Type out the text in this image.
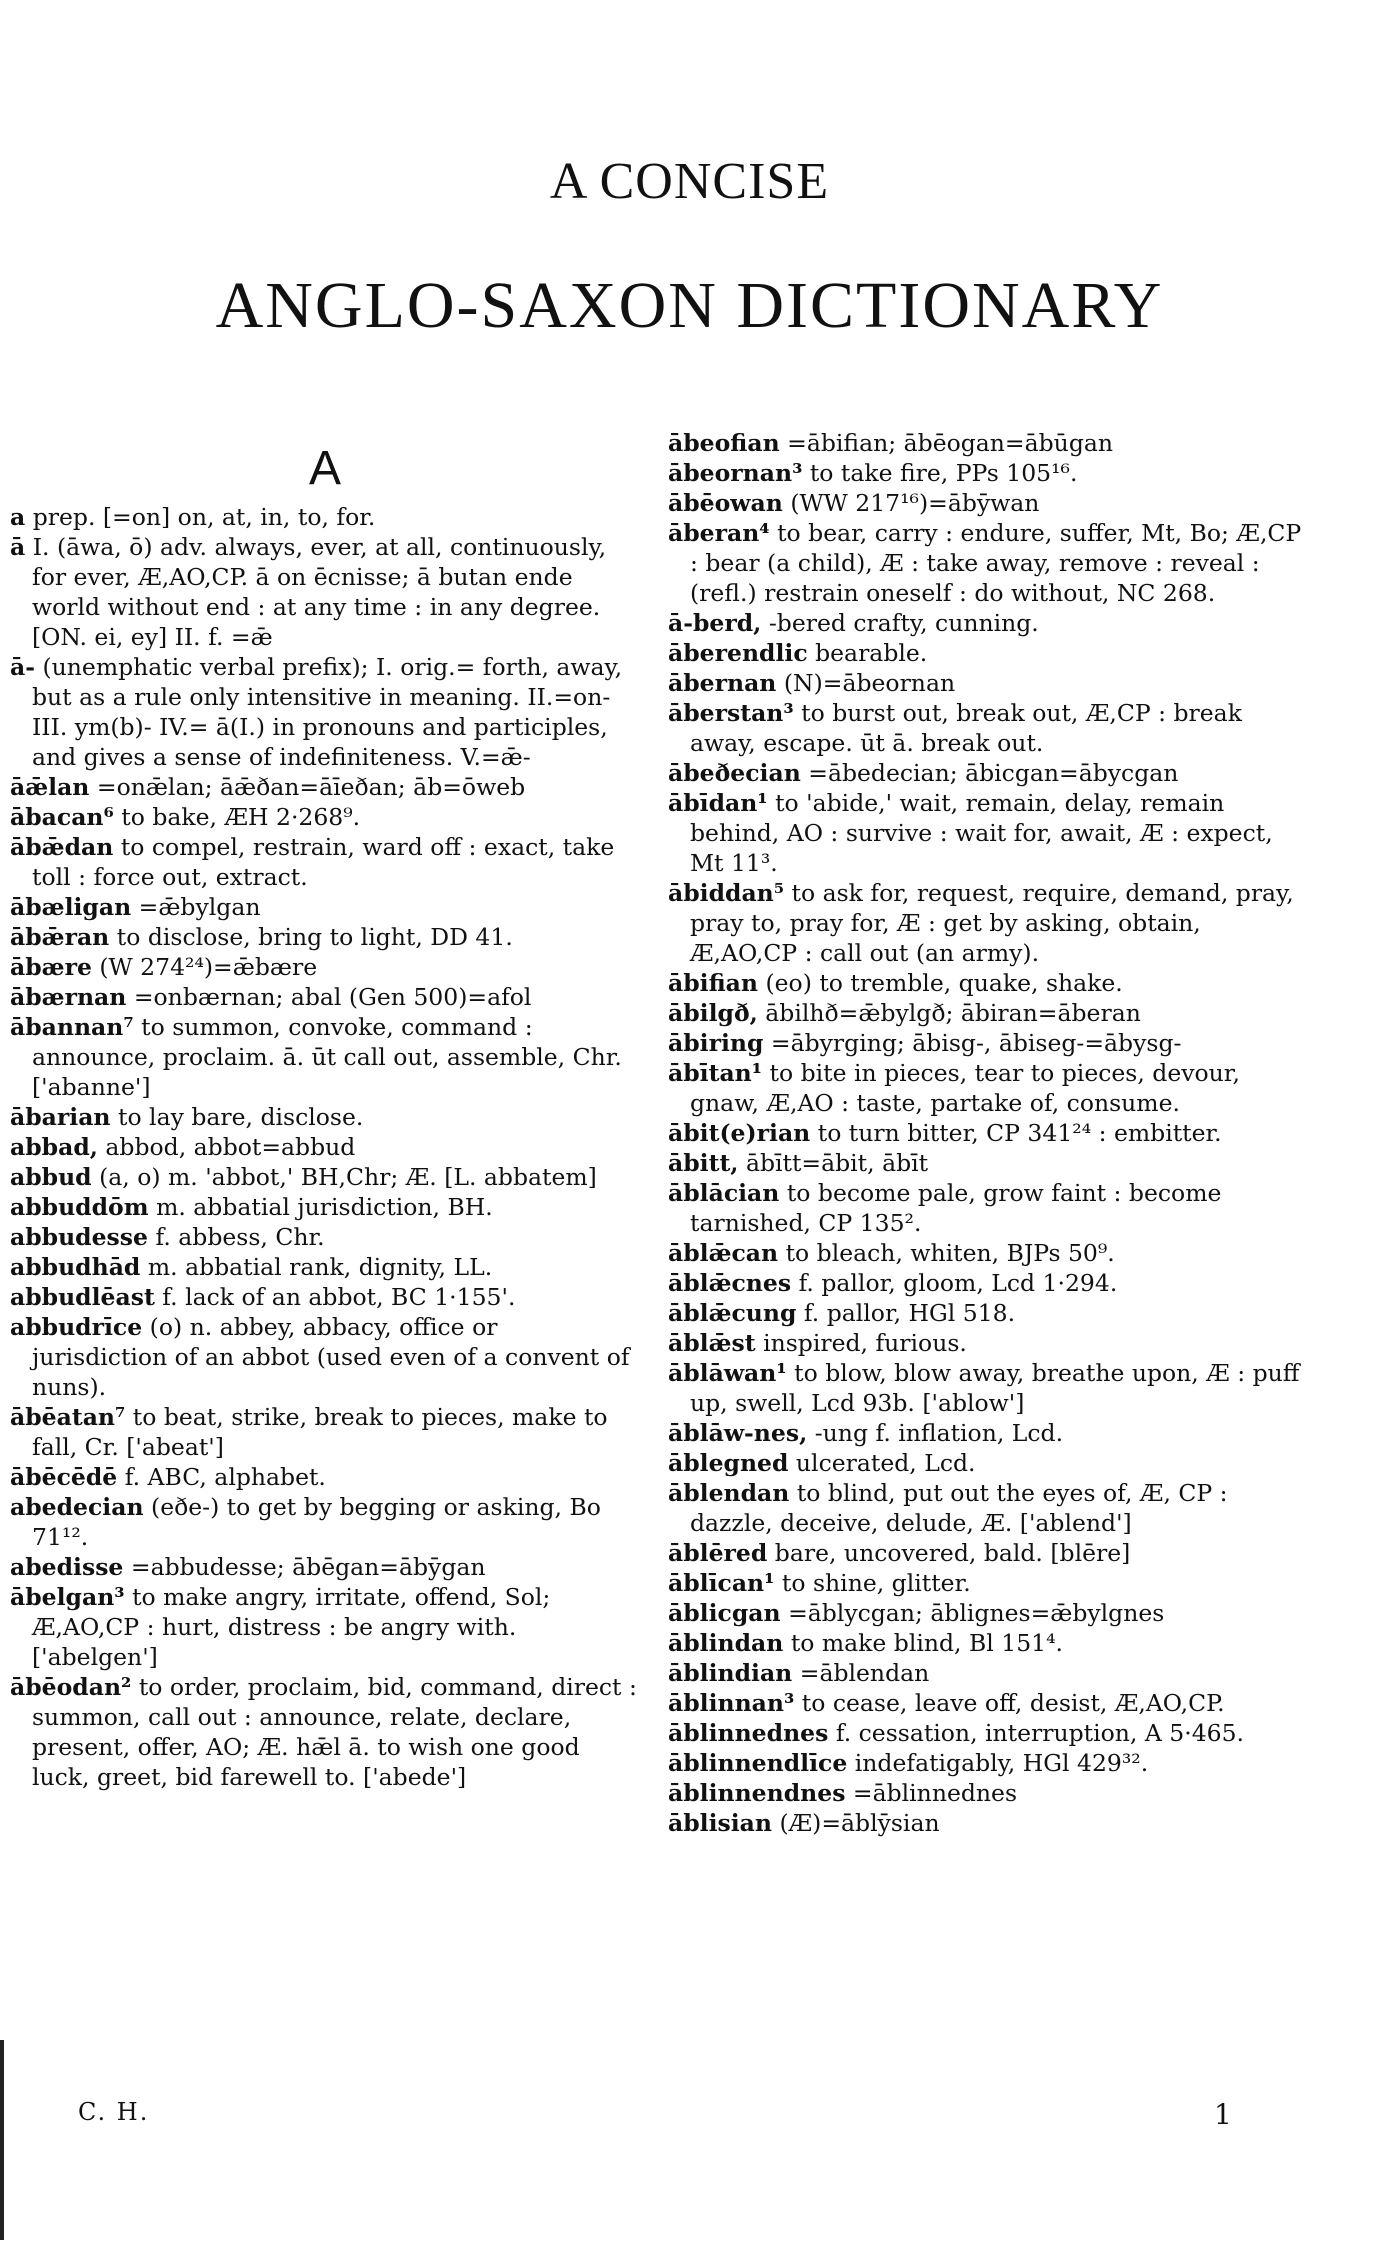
A CONCISE
ANGLO-SAXON DICTIONARY
A

a prep. [=on] on, at, in, to, for.

ā I. (āwa, ō) adv. always, ever, at all, continuously, for ever, Æ,AO,CP. ā on ēcnisse; ā butan ende world without end : at any time : in any degree. [ON. ei, ey] II. f. =ǣ

ā- (unemphatic verbal prefix); I. orig.= forth, away, but as a rule only intensitive in meaning. II.=on- III. ym(b)- IV.= ā(I.) in pronouns and participles, and gives a sense of indefiniteness. V.=ǣ-

āǣlan =onǣlan; āǣðan=āīeðan; āb=ōweb

ābacan⁶ to bake, ÆH 2·268⁹.

ābǣdan to compel, restrain, ward off : exact, take toll : force out, extract.

ābæligan =ǣbylgan

ābǣran to disclose, bring to light, DD 41.

ābære (W 274²⁴)=ǣbære

ābærnan =onbærnan; abal (Gen 500)=afol

ābannan⁷ to summon, convoke, command : announce, proclaim. ā. ūt call out, assemble, Chr. ['abanne']

ābarian to lay bare, disclose.

abbad, abbod, abbot=abbud

abbud (a, o) m. 'abbot,' BH,Chr; Æ. [L. abbatem]

abbuddōm m. abbatial jurisdiction, BH.

abbudesse f. abbess, Chr.

abbudhād m. abbatial rank, dignity, LL.

abbudlēast f. lack of an abbot, BC 1·155'.

abbudrīce (o) n. abbey, abbacy, office or jurisdiction of an abbot (used even of a convent of nuns).

ābēatan⁷ to beat, strike, break to pieces, make to fall, Cr. ['abeat']

ābēcēdē f. ABC, alphabet.

abedecian (eðe-) to get by begging or asking, Bo 71¹².

abedisse =abbudesse; ābēgan=ābȳgan

ābelgan³ to make angry, irritate, offend, Sol; Æ,AO,CP : hurt, distress : be angry with. ['abelgen']

ābēodan² to order, proclaim, bid, command, direct : summon, call out : announce, relate, declare, present, offer, AO; Æ. hǣl ā. to wish one good luck, greet, bid farewell to. ['abede']

ābeofian =ābifian; ābēogan=ābūgan

ābeornan³ to take fire, PPs 105¹⁶.

ābēowan (WW 217¹⁶)=ābȳwan

āberan⁴ to bear, carry : endure, suffer, Mt, Bo; Æ,CP : bear (a child), Æ : take away, remove : reveal : (refl.) restrain oneself : do without, NC 268.

ā-berd, -bered crafty, cunning.

āberendlic bearable.

ābernan (N)=ābeornan

āberstan³ to burst out, break out, Æ,CP : break away, escape. ūt ā. break out.

ābeðecian =ābedecian; ābicgan=ābycgan

ābīdan¹ to 'abide,' wait, remain, delay, remain behind, AO : survive : wait for, await, Æ : expect, Mt 11³.

ābiddan⁵ to ask for, request, require, demand, pray, pray to, pray for, Æ : get by asking, obtain, Æ,AO,CP : call out (an army).

ābifian (eo) to tremble, quake, shake.

ābilgð, ābilhð=ǣbylgð; ābiran=āberan

ābiring =ābyrging; ābisg-, ābiseg-=ābysg-

ābītan¹ to bite in pieces, tear to pieces, devour, gnaw, Æ,AO : taste, partake of, consume.

ābit(e)rian to turn bitter, CP 341²⁴ : embitter.

ābitt, ābītt=ābit, ābīt

āblācian to become pale, grow faint : become tarnished, CP 135².

āblǣcan to bleach, whiten, BJPs 50⁹.

āblǣcnes f. pallor, gloom, Lcd 1·294.

āblǣcung f. pallor, HGl 518.

āblǣst inspired, furious.

āblāwan¹ to blow, blow away, breathe upon, Æ : puff up, swell, Lcd 93b. ['ablow']

āblāw-nes, -ung f. inflation, Lcd.

āblegned ulcerated, Lcd.

āblendan to blind, put out the eyes of, Æ, CP : dazzle, deceive, delude, Æ. ['ablend']

āblēred bare, uncovered, bald. [blēre]

āblīcan¹ to shine, glitter.

āblicgan =āblycgan; āblignes=ǣbylgnes

āblindan to make blind, Bl 151⁴.

āblindian =āblendan

āblinnan³ to cease, leave off, desist, Æ,AO,CP.

āblinnednes f. cessation, interruption, A 5·465.

āblinnendlīce indefatigably, HGl 429³².

āblinnendnes =āblinnednes

āblisian (Æ)=āblȳsian

C. H.	1
